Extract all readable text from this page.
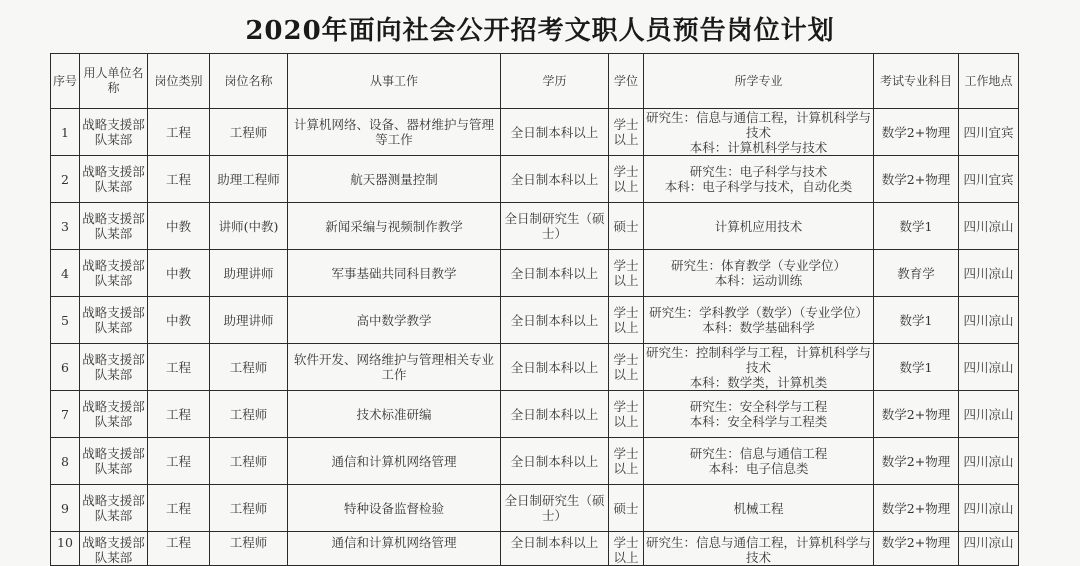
2020年面向社会公开招考文职人员预告岗位计划
序号	用人单位名　　称	岗位类别	岗位名称	从事工作	学历	学位	所学专业	考试专业科目	工作地点
1	战略支援部队某部	工程	工程师	计算机网络、设备、器材维护与管理等工作	全日制本科以上	学士以上	研究生：信息与通信工程，计算机科学与技术
本科：计算机科学与技术	数学2+物理	四川宜宾
2	战略支援部队某部	工程	助理工程师	航天器测量控制	全日制本科以上	学士以上	研究生：电子科学与技术
本科：电子科学与技术，自动化类	数学2+物理	四川宜宾
3	战略支援部队某部	中教	讲师(中教)	新闻采编与视频制作教学	全日制研究生（硕士）	硕士	计算机应用技术	数学1	四川凉山
4	战略支援部队某部	中教	助理讲师	军事基础共同科目教学	全日制本科以上	学士以上	研究生：体育教学（专业学位）
本科：运动训练	教育学	四川凉山
5	战略支援部队某部	中教	助理讲师	高中数学教学	全日制本科以上	学士以上	研究生：学科教学（数学）（专业学位）
本科：数学基础科学	数学1	四川凉山
6	战略支援部队某部	工程	工程师	软件开发、网络维护与管理相关专业工作	全日制本科以上	学士以上	研究生：控制科学与工程，计算机科学与技术
本科：数学类，计算机类	数学1	四川凉山
7	战略支援部队某部	工程	工程师	技术标准研编	全日制本科以上	学士以上	研究生：安全科学与工程
本科：安全科学与工程类	数学2+物理	四川凉山
8	战略支援部队某部	工程	工程师	通信和计算机网络管理	全日制本科以上	学士以上	研究生：信息与通信工程
本科：电子信息类	数学2+物理	四川凉山
9	战略支援部队某部	工程	工程师	特种设备监督检验	全日制研究生（硕士）	硕士	机械工程	数学2+物理	四川凉山
10	战略支援部队某部	工程	工程师	通信和计算机网络管理	全日制本科以上	学士以上	研究生：信息与通信工程，计算机科学与技术	数学2+物理	四川凉山
